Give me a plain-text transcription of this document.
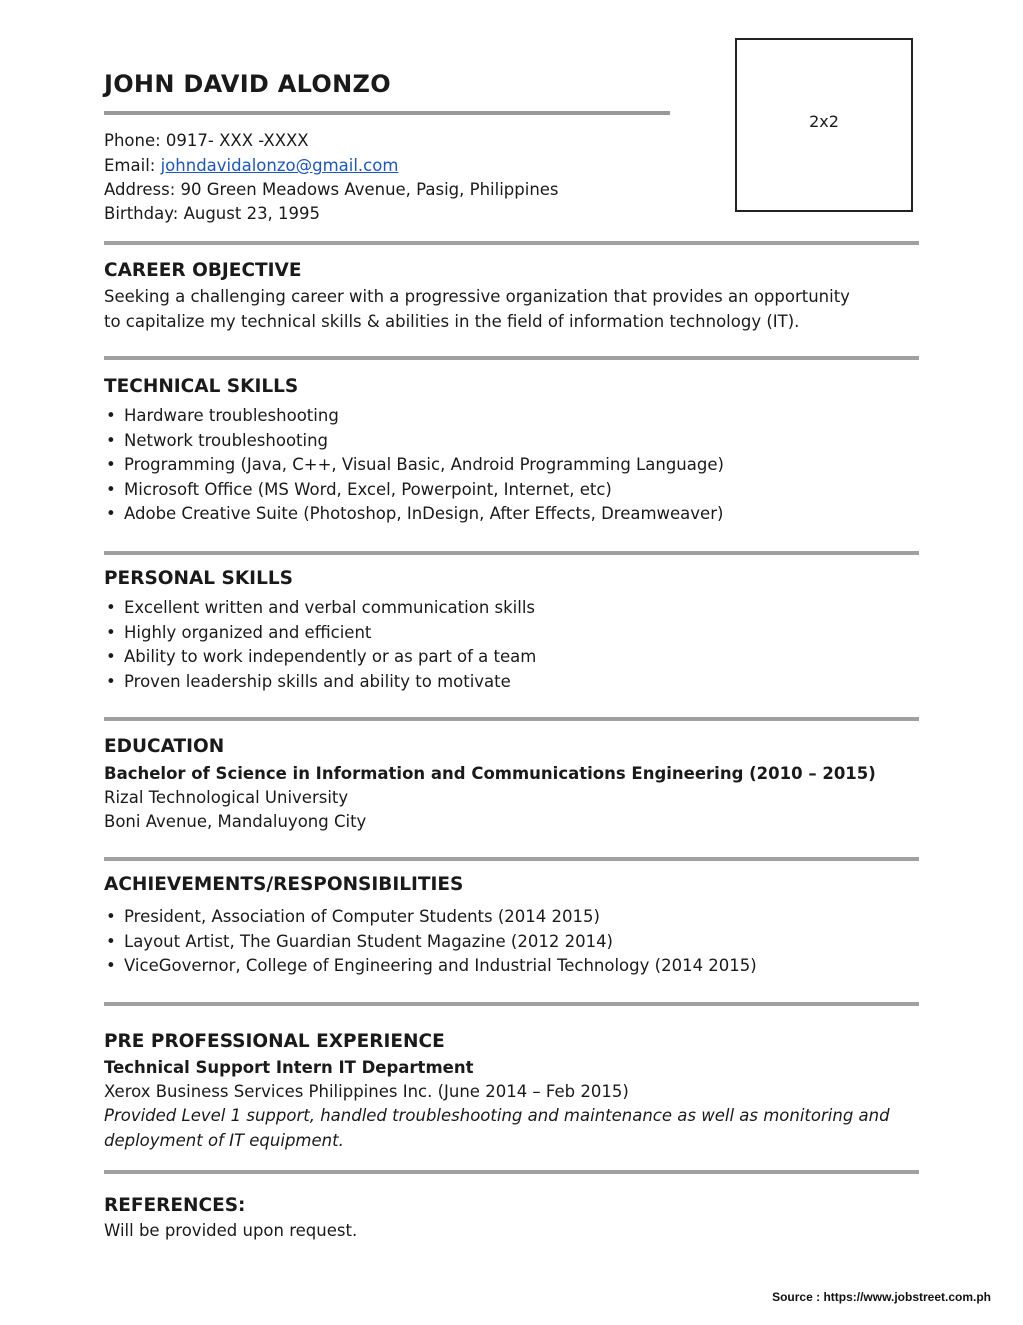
JOHN DAVID ALONZO
2x2
Phone: 0917- XXX -XXXX
Email: johndavidalonzo@gmail.com
Address: 90 Green Meadows Avenue, Pasig, Philippines
Birthday: August 23, 1995
CAREER OBJECTIVE
Seeking a challenging career with a progressive organization that provides an opportunity
to capitalize my technical skills & abilities in the field of information technology (IT).
TECHNICAL SKILLS
• Hardware troubleshooting
• Network troubleshooting
• Programming (Java, C++, Visual Basic, Android Programming Language)
• Microsoft Office (MS Word, Excel, Powerpoint, Internet, etc)
• Adobe Creative Suite (Photoshop, InDesign, After Effects, Dreamweaver)
PERSONAL SKILLS
• Excellent written and verbal communication skills
• Highly organized and efficient
• Ability to work independently or as part of a team
• Proven leadership skills and ability to motivate
EDUCATION
Bachelor of Science in Information and Communications Engineering (2010 – 2015)
Rizal Technological University
Boni Avenue, Mandaluyong City
ACHIEVEMENTS/RESPONSIBILITIES
• President, Association of Computer Students (2014 2015)
• Layout Artist, The Guardian Student Magazine (2012 2014)
• ViceGovernor, College of Engineering and Industrial Technology (2014 2015)
PRE PROFESSIONAL EXPERIENCE
Technical Support Intern IT Department
Xerox Business Services Philippines Inc. (June 2014 – Feb 2015)
Provided Level 1 support, handled troubleshooting and maintenance as well as monitoring and
deployment of IT equipment.
REFERENCES:
Will be provided upon request.
Source : https://www.jobstreet.com.ph
